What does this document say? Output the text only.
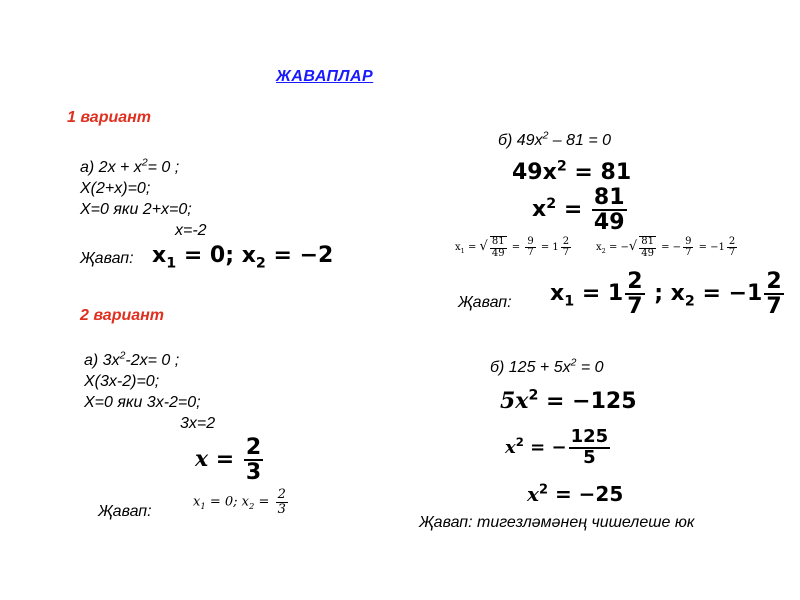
ЖАВАПЛАР
1 вариант
а) $2х + х^2= 0$ ;
Х(2+х)=0;
Х=0 яки 2+х=0;
х=-2
Җавап: $x_1 = 0$; $x_2 = -2$
б) $49х^2 - 81 = 0$
$49x^2 = 81$
$x^2 = \frac{81}{49}$
$x_1$ = √ $\frac{81}{49} = \frac{9}{7} = 1 \frac{2}{7} x_2$ = −√ $\frac{81}{49}$ = − $\frac{9}{7} = -1 \frac{2}{7}$
Җавап: $x_1 = 1 \frac{2}{7}$ ; $x_2 = -1 \frac{2}{7}$
2 вариант
а) $3х^2-2х= 0$ ;
Х(3х-2)=0;
Х=0 яки 3х-2=0;
3х=2
$x = \frac{2}{3}$
Җавап:
$x_1 = 0$; $x_2 = \frac{2}{3}$
б) $125 + 5х^2 = 0$
$5x^2 = -125$
$x^2$ = − $\frac{125}{5}$
$x^2 = -25$
Җавап: тигезләмәнең чишелеше юк
